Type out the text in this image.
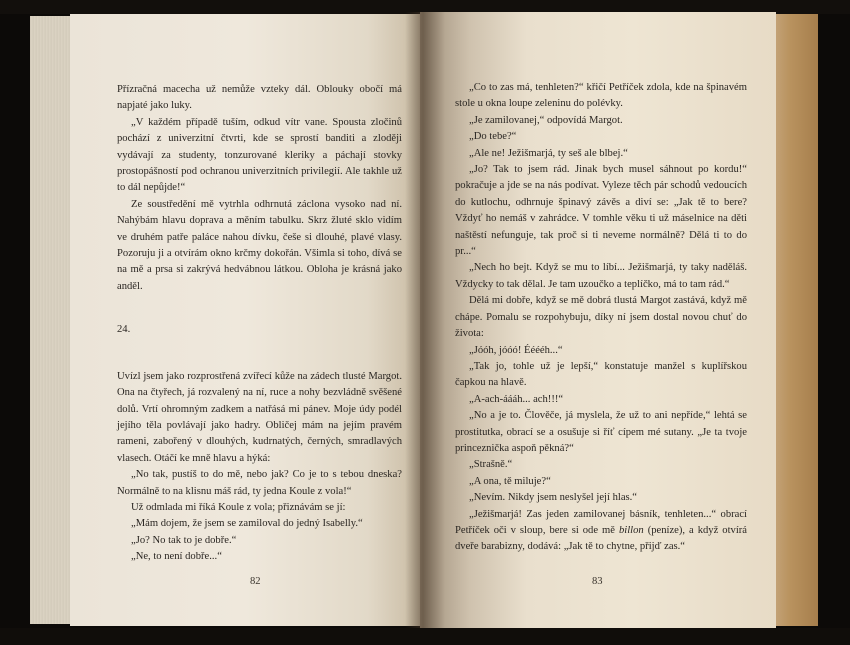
Přízračná macecha už nemůže vzteky dál. Oblouky obočí má napjaté jako luky.

„V každém případě tuším, odkud vítr vane. Spousta zločinů pochází z univerzitní čtvrti, kde se sprostí banditi a zloději vydávají za studenty, tonzurované kleriky a páchají stovky prostopášností pod ochranou univerzitních privilegií. Ale takhle už to dál nepůjde!“

Ze soustředění mě vytrhla odhrnutá záclona vysoko nad ní. Nahýbám hlavu doprava a měním tabulku. Skrz žluté sklo vidím ve druhém patře paláce nahou dívku, češe si dlouhé, plavé vlasy. Pozoruju ji a otvírám okno krčmy dokořán. Všimla si toho, dívá se na mě a prsa si zakrývá hedvábnou látkou. Obloha je krásná jako anděl.

24.

Uvízl jsem jako rozprostřená zvířecí kůže na zádech tlusté Margot. Ona na čtyřech, já rozvalený na ní, ruce a nohy bezvládně svěšené dolů. Vrtí ohromným zadkem a natřásá mi pánev. Moje údy podél jejího těla povlávají jako hadry. Obličej mám na jejím pravém rameni, zabořený v dlouhých, kudrnatých, černých, smradlavých vlasech. Otáčí ke mně hlavu a hýká:

„No tak, pustíš to do mě, nebo jak? Co je to s tebou dneska? Normálně to na klisnu máš rád, ty jedna Koule z vola!“

Už odmlada mi říká Koule z vola; přiznávám se jí:

„Mám dojem, že jsem se zamiloval do jedný Isabelly.“

„Jo? No tak to je dobře.“

„Ne, to není dobře...“

„Co to zas má, tenhleten?“ křičí Petříček zdola, kde na špinavém stole u okna loupe zeleninu do polévky.

„Je zamilovanej,“ odpovídá Margot.

„Do tebe?“

„Ale ne! Ježišmarjá, ty seš ale blbej.“

„Jo? Tak to jsem rád. Jinak bych musel sáhnout po kordu!“ pokračuje a jde se na nás podívat. Vyleze těch pár schodů vedoucích do kutlochu, odhrnuje špinavý závěs a diví se: „Jak tě to bere? Vždyť ho nemáš v zahrádce. V tomhle věku ti už máselnice na děti naštěstí nefunguje, tak proč si ti neveme normálně? Dělá ti to do pr...“

„Nech ho bejt. Když se mu to líbí... Ježišmarjá, ty taky naděláš. Vždycky to tak dělal. Je tam uzoučko a teplíčko, má to tam rád.“

Dělá mi dobře, když se mě dobrá tlustá Margot zastává, když mě chápe. Pomalu se rozpohybuju, díky ní jsem dostal novou chuť do života:

„Jóóh, jóóó! Ééééh...“

„Tak jo, tohle už je lepší,“ konstatuje manžel s kuplířskou čapkou na hlavě.

„A-ach-áááh... ach!!!“

„No a je to. Člověče, já myslela, že už to ani nepříde,“ lehtá se prostitutka, obrací se a osušuje si říť cípem mé sutany. „Je ta tvoje princeznička aspoň pěkná?“

„Strašně.“

„A ona, tě miluje?“

„Nevím. Nikdy jsem neslyšel její hlas.“

„Ježišmarjá! Zas jeden zamilovanej básník, tenhleten...“ obrací Petříček oči v sloup, bere si ode mě billon (peníze), a když otvírá dveře barabizny, dodává: „Jak tě to chytne, přijď zas.“

82	83
